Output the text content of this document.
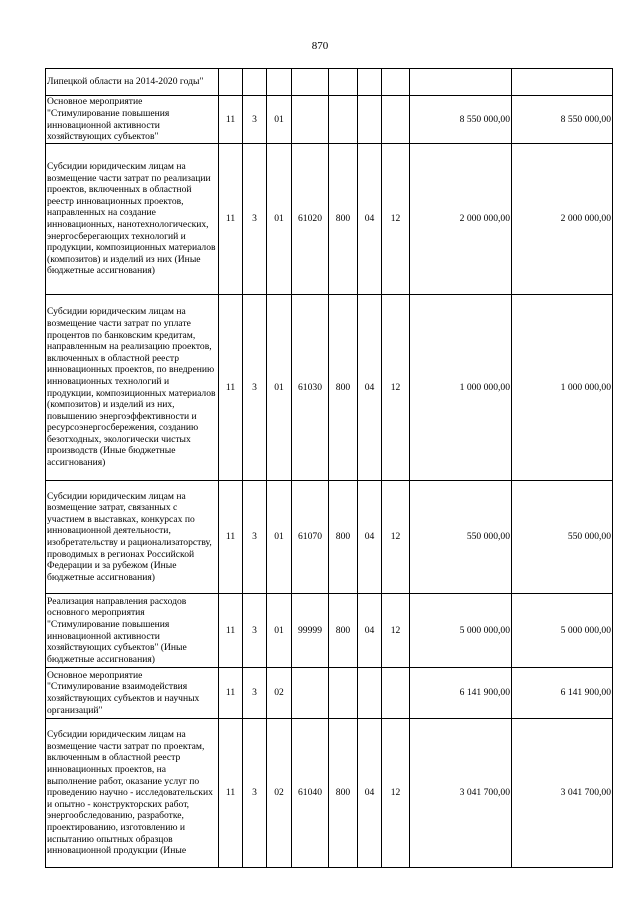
870
Липецкой области на 2014-2020 годы"									
Основное мероприятие "Стимулирование повышения инновационной активности хозяйствующих субъектов"	11	3	01					8 550 000,00	8 550 000,00
Субсидии юридическим лицам на возмещение части затрат по реализации проектов, включенных в областной реестр инновационных проектов, направленных на создание инновационных, нанотехнологических, энергосберегающих технологий и продукции, композиционных материалов (композитов) и изделий из них (Иные бюджетные ассигнования)	11	3	01	61020	800	04	12	2 000 000,00	2 000 000,00
Субсидии юридическим лицам на возмещение части затрат по уплате процентов по банковским кредитам, направленным на реализацию проектов, включенных в областной реестр инновационных проектов, по внедрению инновационных технологий и продукции, композиционных материалов (композитов) и изделий из них, повышению энергоэффективности и ресурсоэнергосбережения, созданию безотходных, экологически чистых производств (Иные бюджетные ассигнования)	11	3	01	61030	800	04	12	1 000 000,00	1 000 000,00
Субсидии юридическим лицам на возмещение затрат, связанных с участием в выставках, конкурсах по инновационной деятельности, изобретательству и рационализаторству, проводимых в регионах Российской Федерации и за рубежом (Иные бюджетные ассигнования)	11	3	01	61070	800	04	12	550 000,00	550 000,00
Реализация направления расходов основного мероприятия "Стимулирование повышения инновационной активности хозяйствующих субъектов" (Иные бюджетные ассигнования)	11	3	01	99999	800	04	12	5 000 000,00	5 000 000,00
Основное мероприятие "Стимулирование взаимодействия хозяйствующих субъектов и научных организаций"	11	3	02					6 141 900,00	6 141 900,00
Субсидии юридическим лицам на возмещение части затрат по проектам, включенным в областной реестр инновационных проектов, на выполнение работ, оказание услуг по проведению научно - исследовательских и опытно - конструкторских работ, энергообследованию, разработке, проектированию, изготовлению и испытанию опытных образцов инновационной продукции (Иные	11	3	02	61040	800	04	12	3 041 700,00	3 041 700,00
